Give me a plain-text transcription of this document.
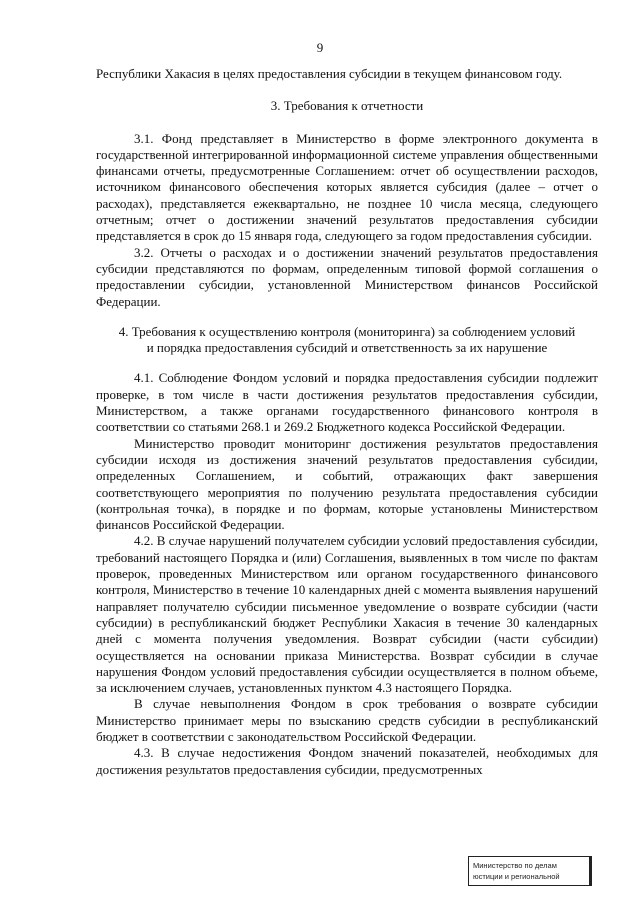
9

Республики Хакасия в целях предоставления субсидии в текущем финансовом году.

3. Требования к отчетности

3.1. Фонд представляет в Министерство в форме электронного документа в государственной интегрированной информационной системе управления общественными финансами отчеты, предусмотренные Соглашением: отчет об осуществлении расходов, источником финансового обеспечения которых является субсидия (далее – отчет о расходах), представляется ежеквартально, не позднее 10 числа месяца, следующего отчетным; отчет о достижении значений результатов предоставления субсидии представляется в срок до 15 января года, следующего за годом предоставления субсидии.

3.2. Отчеты о расходах и о достижении значений результатов предоставления субсидии представляются по формам, определенным типовой формой соглашения о предоставлении субсидии, установленной Министерством финансов Российской Федерации.

4. Требования к осуществлению контроля (мониторинга) за соблюдением условий

и порядка предоставления субсидий и ответственность за их нарушение

4.1. Соблюдение Фондом условий и порядка предоставления субсидии подлежит проверке, в том числе в части достижения результатов предоставления субсидии, Министерством, а также органами государственного финансового контроля в соответствии со статьями 268.1 и 269.2 Бюджетного кодекса Российской Федерации.

Министерство проводит мониторинг достижения результатов предоставления субсидии исходя из достижения значений результатов предоставления субсидии, определенных Соглашением, и событий, отражающих факт завершения соответствующего мероприятия по получению результата предоставления субсидии (контрольная точка), в порядке и по формам, которые установлены Министерством финансов Российской Федерации.

4.2. В случае нарушений получателем субсидии условий предоставления субсидии, требований настоящего Порядка и (или) Соглашения, выявленных в том числе по фактам проверок, проведенных Министерством или органом государственного финансового контроля, Министерство в течение 10 календарных дней с момента выявления нарушений направляет получателю субсидии письменное уведомление о возврате субсидии (части субсидии) в республиканский бюджет Республики Хакасия в течение 30 календарных дней с момента получения уведомления. Возврат субсидии (части субсидии) осуществляется на основании приказа Министерства. Возврат субсидии в случае нарушения Фондом условий предоставления субсидии осуществляется в полном объеме, за исключением случаев, установленных пунктом 4.3 настоящего Порядка.

В случае невыполнения Фондом в срок требования о возврате субсидии Министерство принимает меры по взысканию средств субсидии в республиканский бюджет в соответствии с законодательством Российской Федерации.

4.3. В случае недостижения Фондом значений показателей, необходимых для достижения результатов предоставления субсидии, предусмотренных

Министерство по делам
юстиции и региональной
